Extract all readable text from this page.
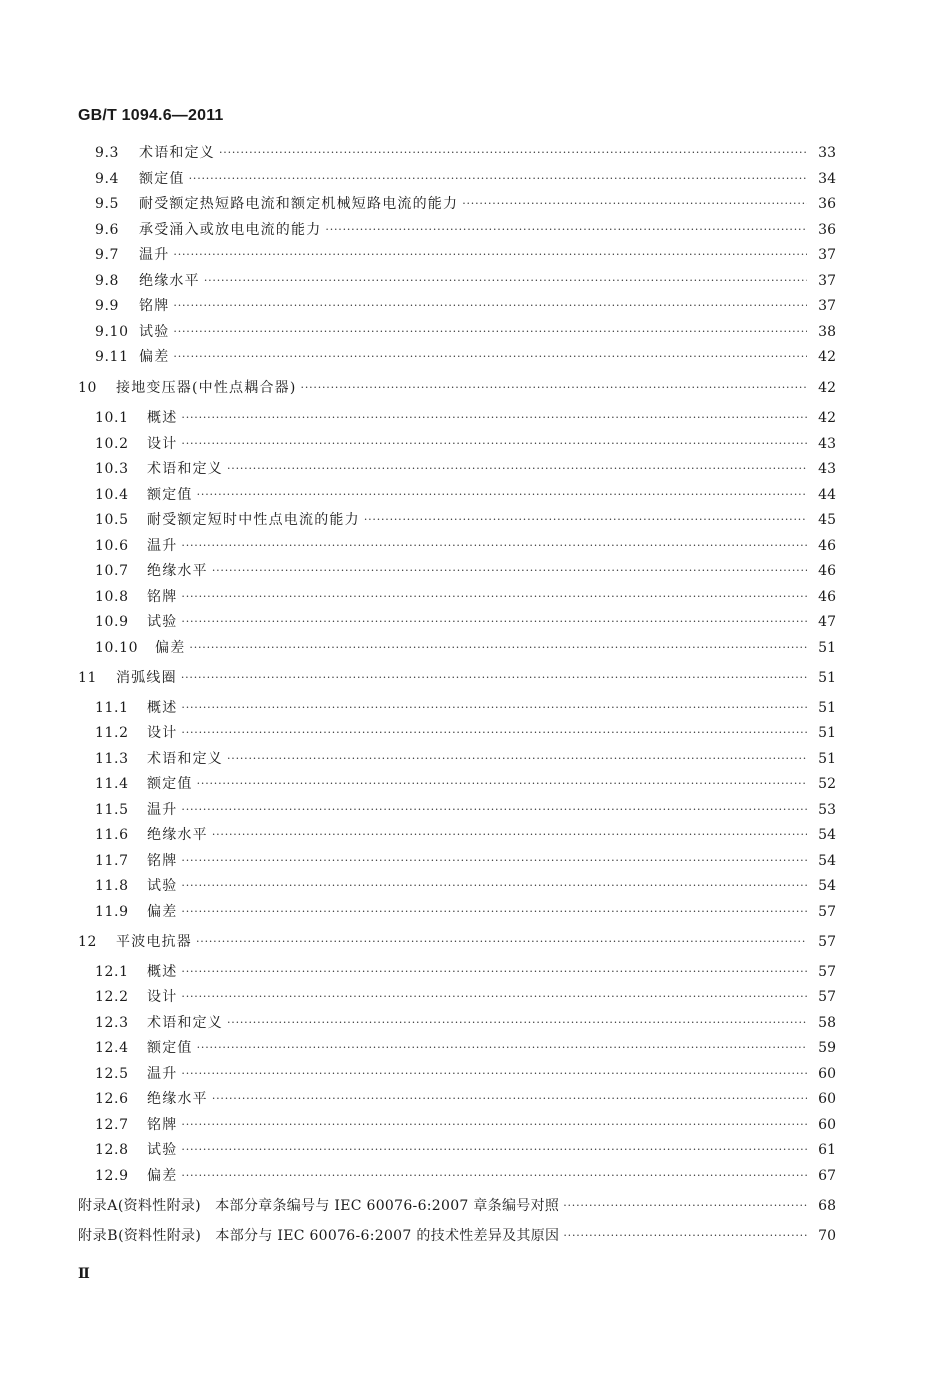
GB/T 1094.6—2011
9.3	术语和定义 ·····	33
9.4	额定值 ·····	34
9.5	耐受额定热短路电流和额定机械短路电流的能力 ·····	36
9.6	承受涌入或放电电流的能力 ·····	36
9.7	温升 ·····	37
9.8	绝缘水平 ·····	37
9.9	铭牌 ·····	37
9.10 试验 ·····	38
9.11 偏差 ·····	42
10	接地变压器(中性点耦合器) ·····	42
10.1	概述 ·····	42
10.2	设计 ·····	43
10.3	术语和定义 ·····	43
10.4	额定值 ·····	44
10.5	耐受额定短时中性点电流的能力 ·····	45
10.6	温升 ·····	46
10.7	绝缘水平 ·····	46
10.8	铭牌 ·····	46
10.9	试验 ·····	47
10.10	偏差 ·····	51
11	消弧线圈 ·····	51
11.1	概述 ·····	51
11.2	设计 ·····	51
11.3	术语和定义 ·····	51
11.4	额定值 ·····	52
11.5	温升 ·····	53
11.6	绝缘水平 ·····	54
11.7	铭牌 ·····	54
11.8	试验 ·····	54
11.9	偏差 ·····	57
12	平波电抗器 ·····	57
12.1	概述 ·····	57
12.2	设计 ·····	57
12.3	术语和定义 ·····	58
12.4	额定值 ·····	59
12.5	温升 ·····	60
12.6	绝缘水平 ·····	60
12.7	铭牌 ·····	60
12.8	试验 ·····	61
12.9	偏差 ·····	67
附录A (资料性附录)　本部分章条编号与 IEC 60076-6:2007 章条编号对照 ·····	68
附录B (资料性附录)　本部分与 IEC 60076-6:2007 的技术性差异及其原因 ·····	70
Ⅱ
